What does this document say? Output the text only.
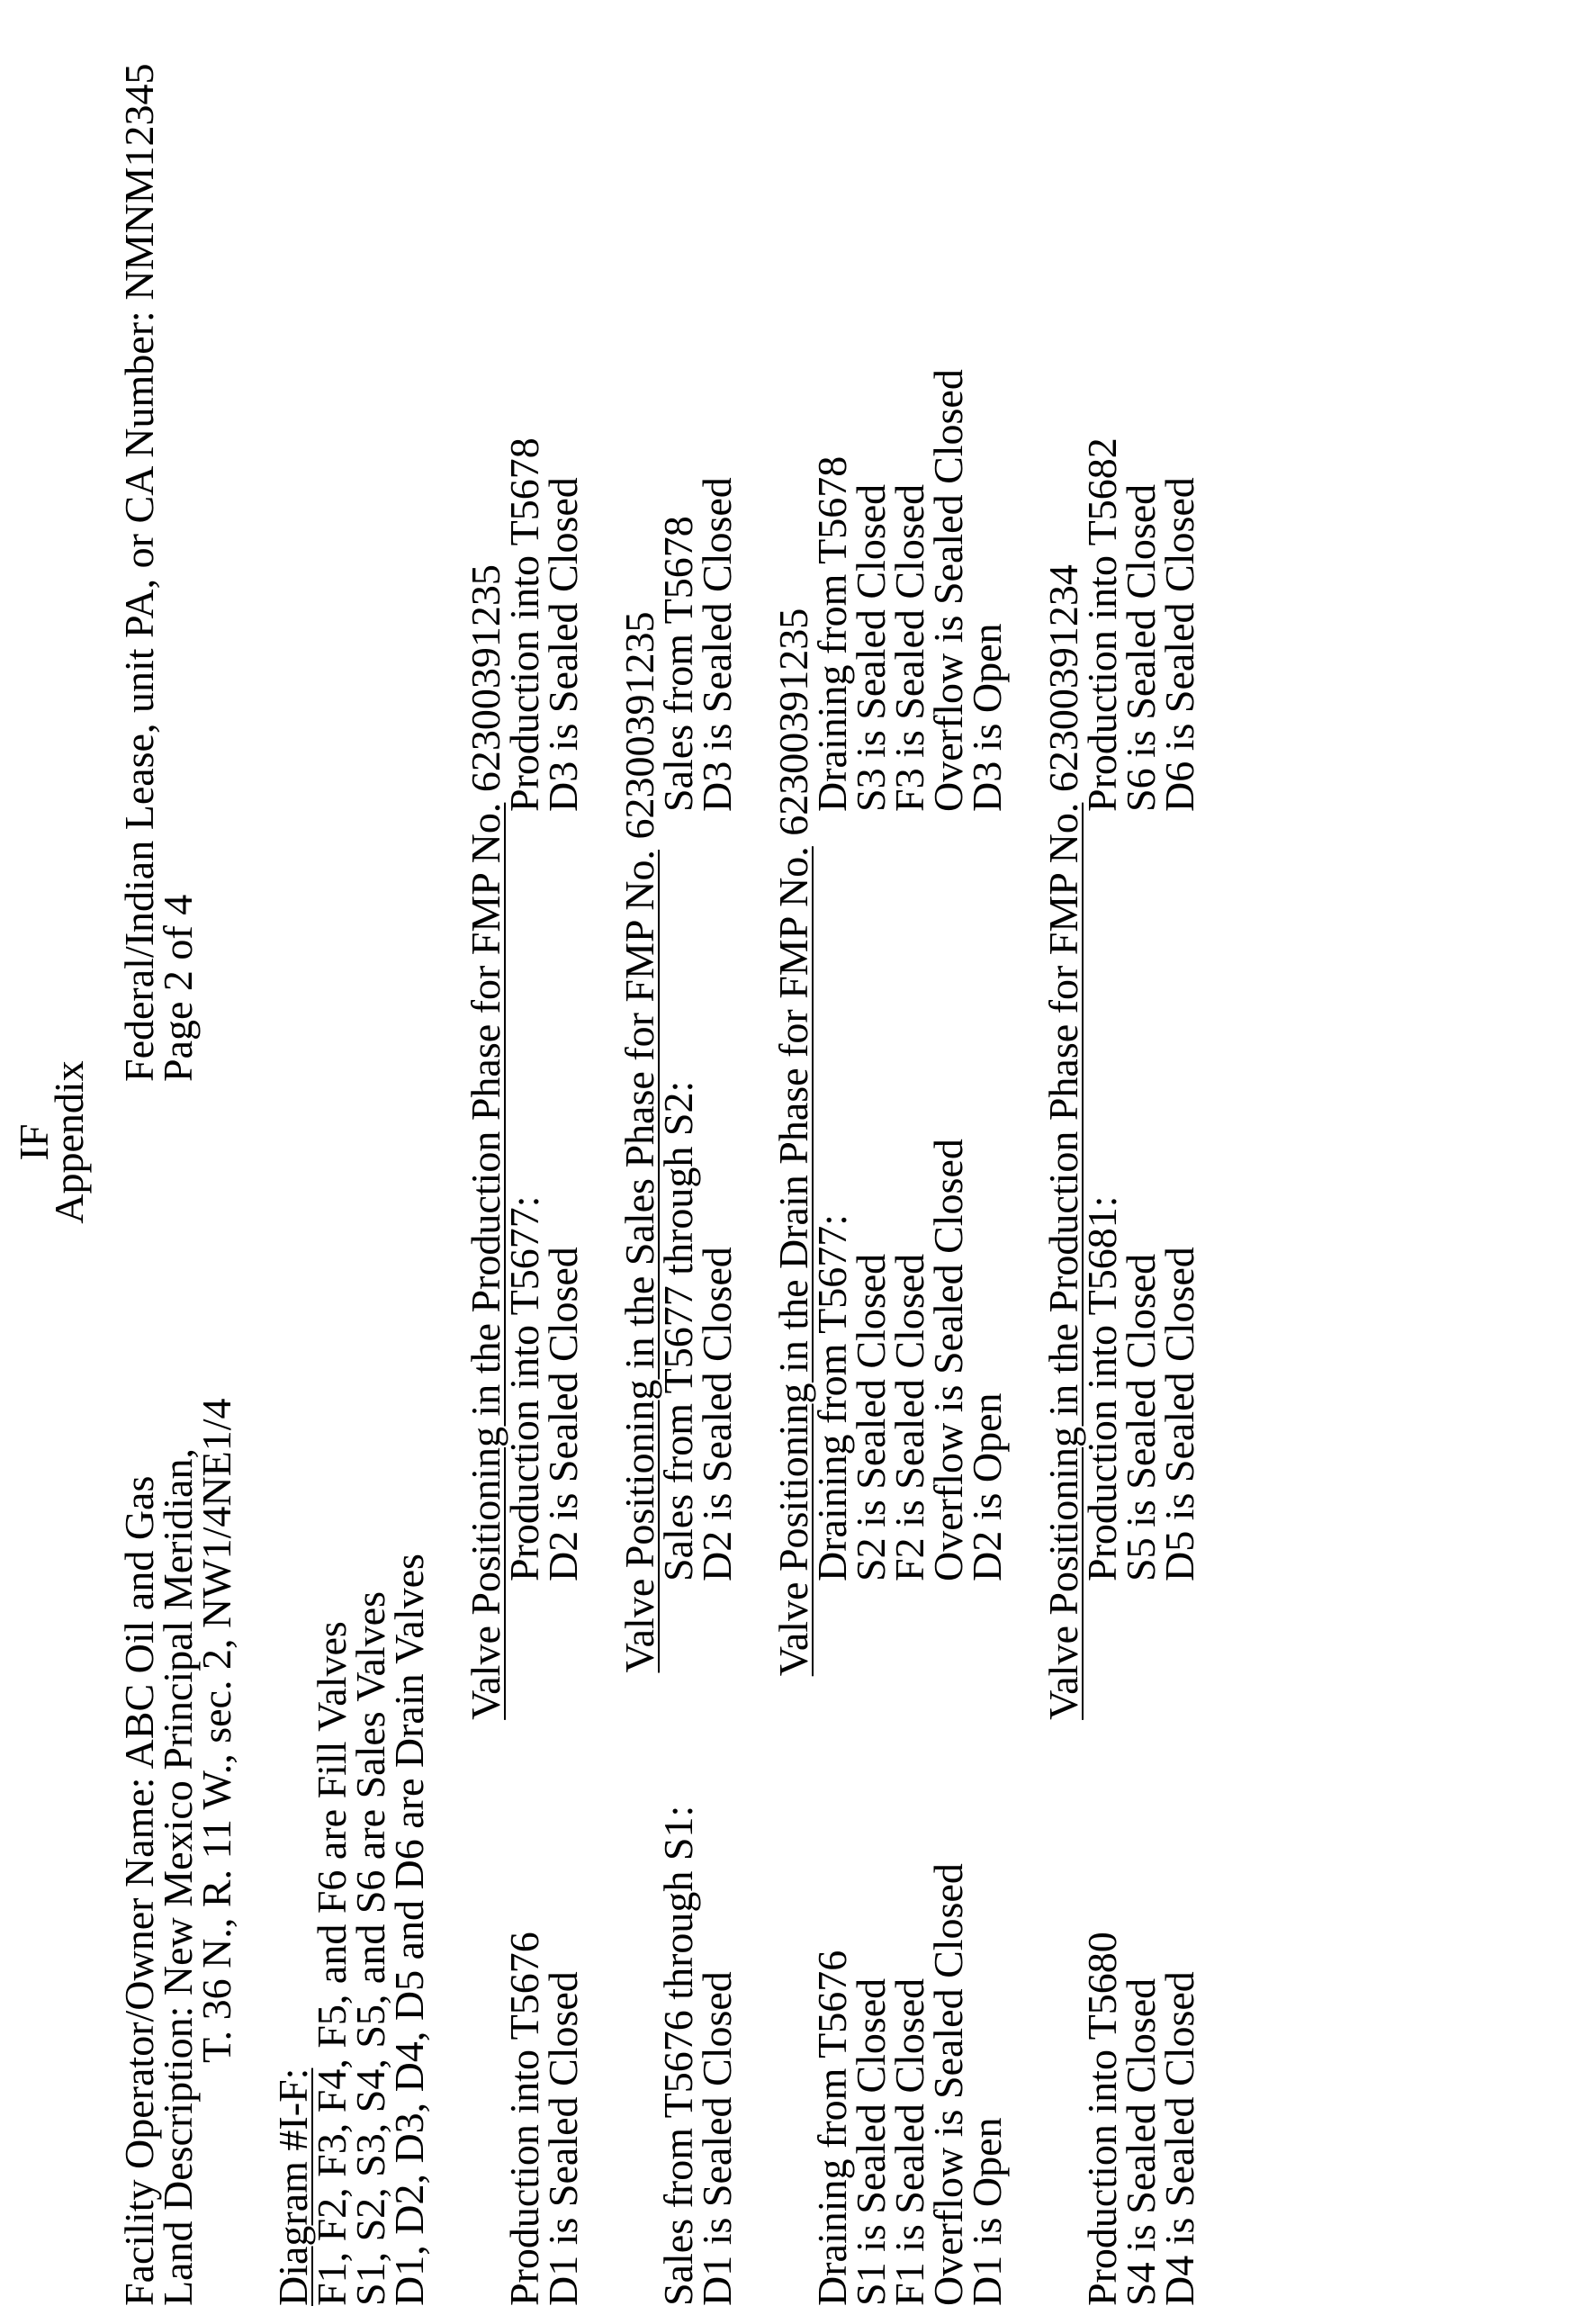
IF
Appendix
Facility Operator/Owner Name: ABC Oil and Gas
Land Description: New Mexico Principal Meridian,
T. 36 N., R. 11 W., sec. 2, NW1/4NE1/4
Federal/Indian Lease, unit PA, or CA Number: NMNM12345
Page 2 of 4
Diagram #I-F:
F1, F2, F3, F4, F5, and F6 are Fill Valves
S1, S2, S3, S4, S5, and S6 are Sales Valves
D1, D2, D3, D4, D5 and D6 are Drain Valves
Valve Positioning in the Production Phase for FMP No. 62300391235
Production into T5676
D1 is Sealed Closed
Production into T5677:
D2 is Sealed Closed
Production into T5678
D3 is Sealed Closed
Valve Positioning in the Sales Phase for FMP No. 62300391235
Sales from T5676 through S1:
D1 is Sealed Closed
Sales from T5677 through S2:
D2 is Sealed Closed
Sales from T5678
D3 is Sealed Closed
Valve Positioning in the Drain Phase for FMP No. 62300391235
Draining from T5676
S1 is Sealed Closed
F1 is Sealed Closed
Overflow is Sealed Closed
D1 is Open
Draining from T5677:
S2 is Sealed Closed
F2 is Sealed Closed
Overflow is Sealed Closed
D2 is Open
Draining from T5678
S3 is Sealed Closed
F3 is Sealed Closed
Overflow is Sealed Closed
D3 is Open
Valve Positioning in the Production Phase for FMP No. 62300391234
Production into T5680
S4 is Sealed Closed
D4 is Sealed Closed
Production into T5681:
S5 is Sealed Closed
D5 is Sealed Closed
Production into T5682
S6 is Sealed Closed
D6 is Sealed Closed
